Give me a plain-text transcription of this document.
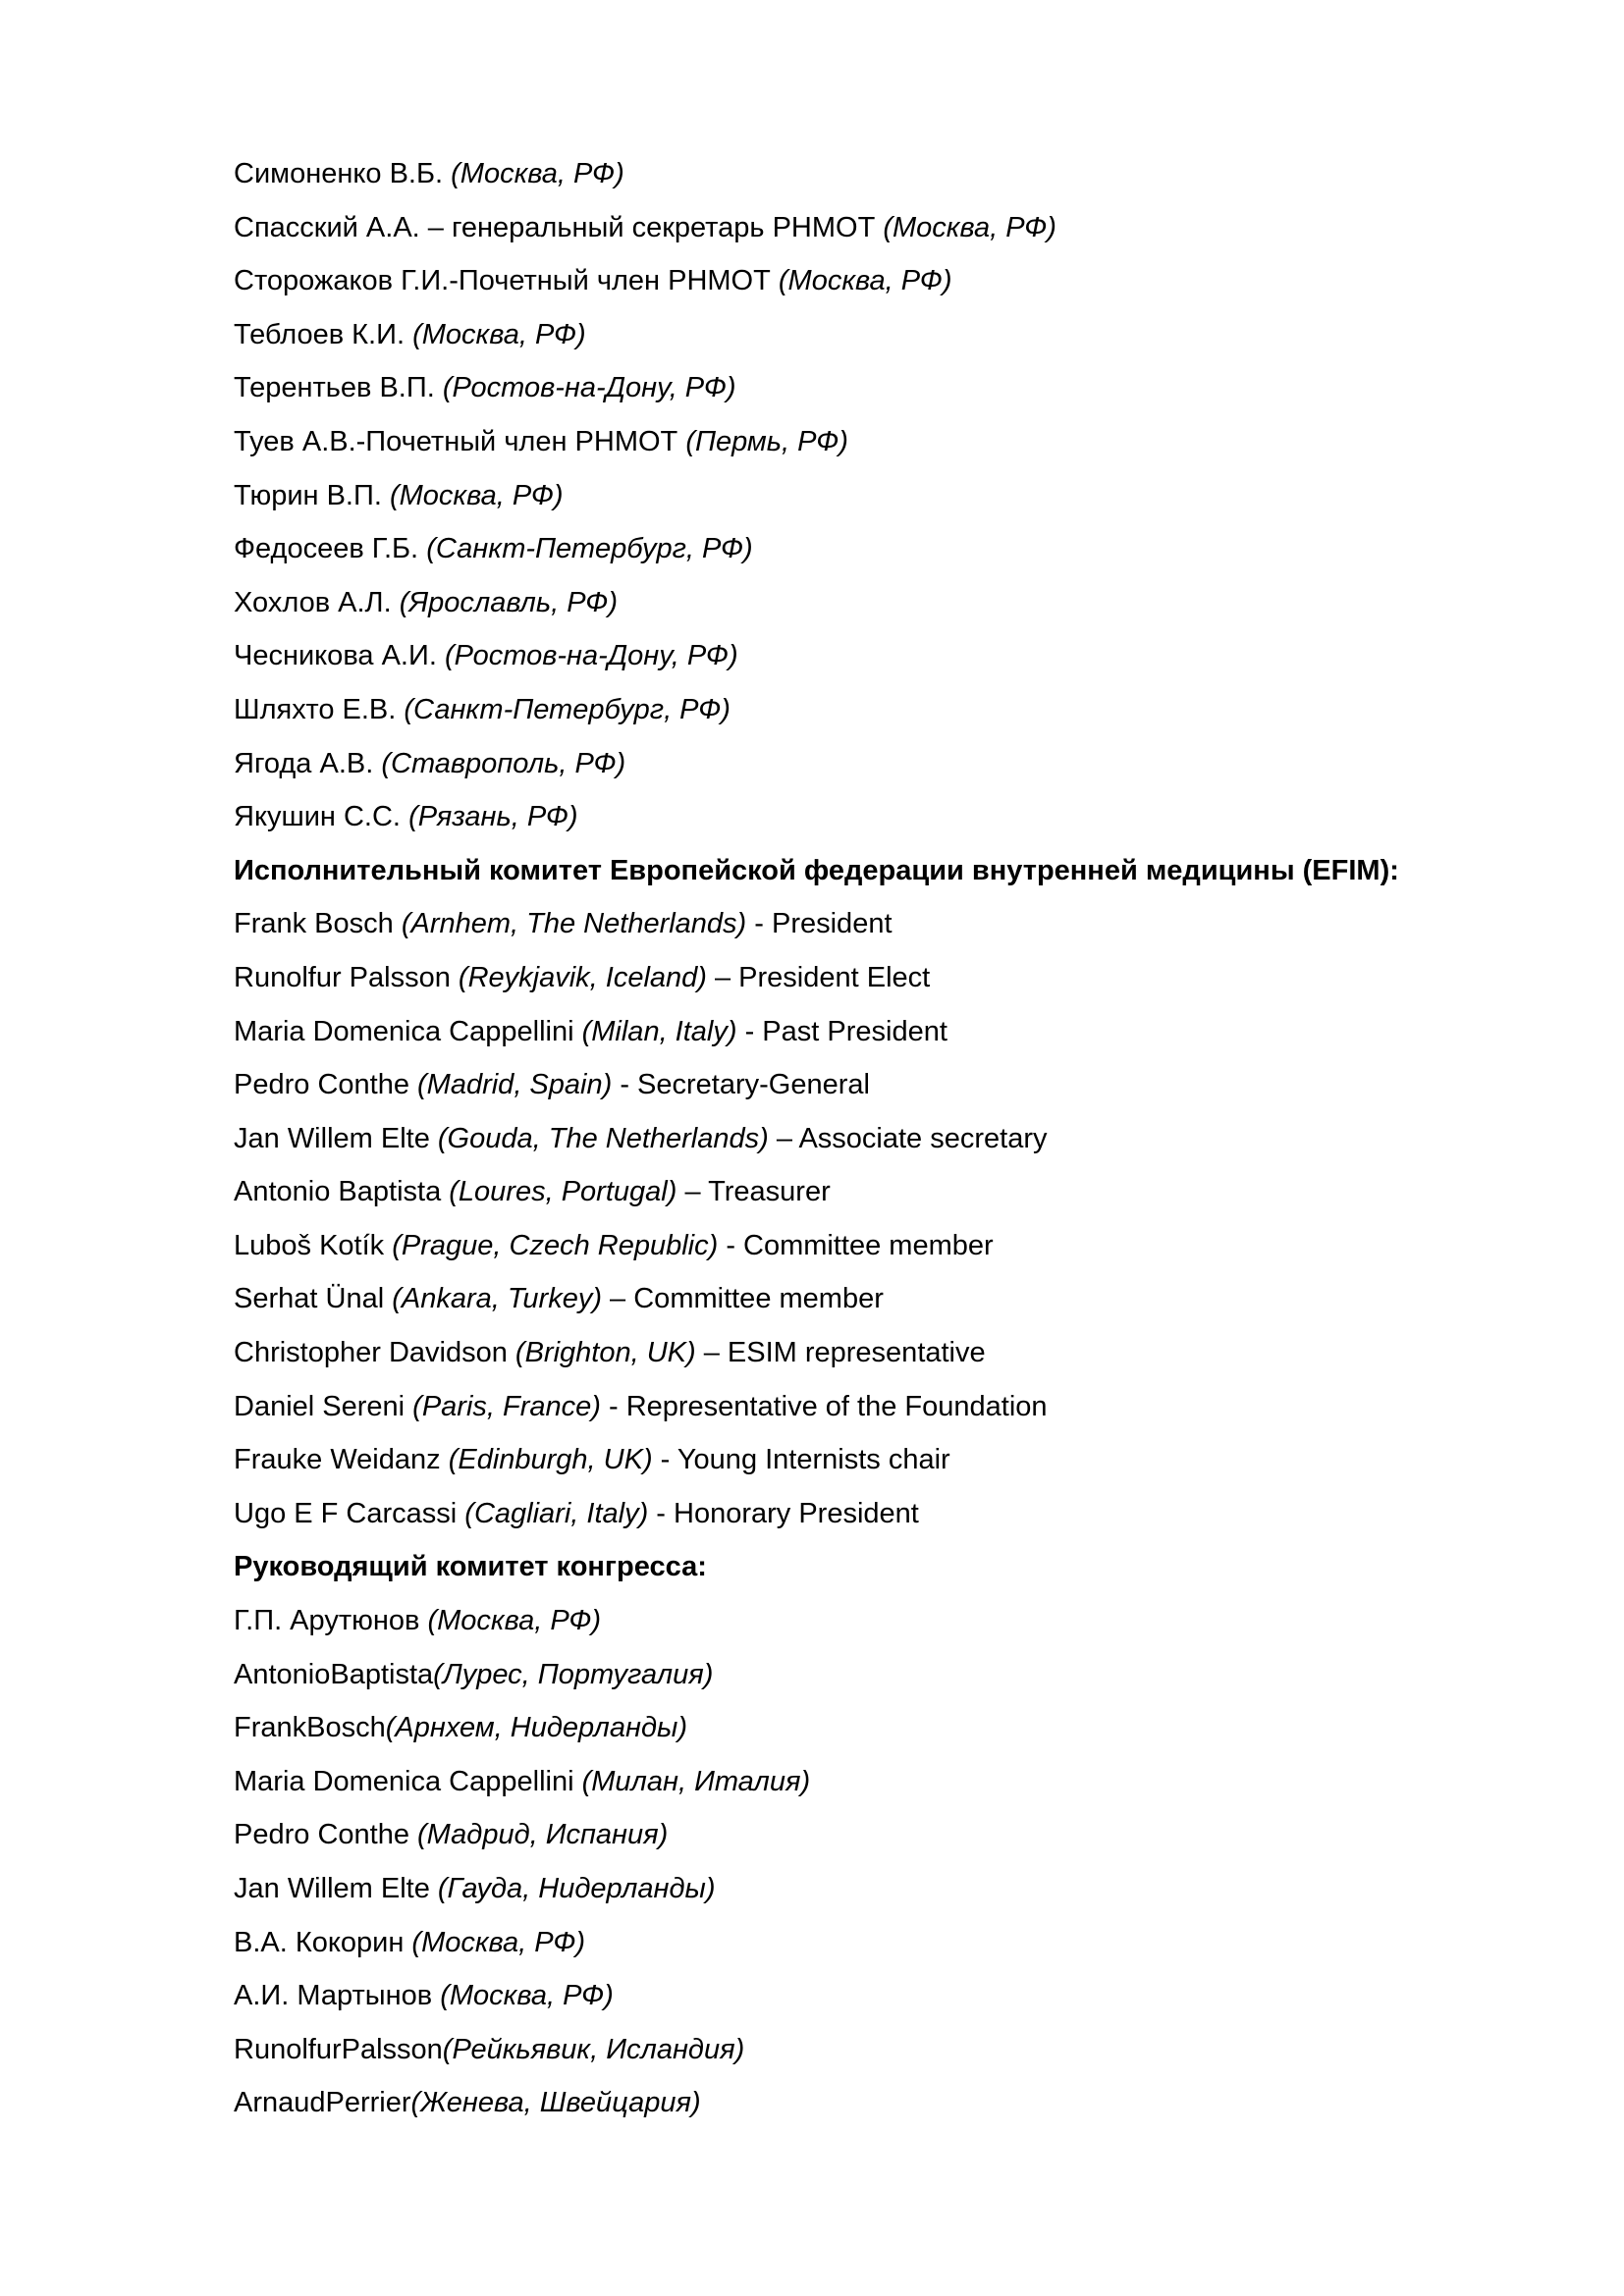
Симоненко В.Б. (Москва, РФ)
Спасский А.А. – генеральный секретарь РНМОТ (Москва, РФ)
Сторожаков Г.И.-Почетный член РНМОТ (Москва, РФ)
Теблоев К.И. (Москва, РФ)
Терентьев В.П. (Ростов-на-Дону, РФ)
Туев А.В.-Почетный член РНМОТ (Пермь, РФ)
Тюрин В.П. (Москва, РФ)
Федосеев Г.Б. (Санкт-Петербург, РФ)
Хохлов А.Л. (Ярославль, РФ)
Чесникова А.И. (Ростов-на-Дону, РФ)
Шляхто Е.В. (Санкт-Петербург, РФ)
Ягода А.В. (Ставрополь, РФ)
Якушин С.С. (Рязань, РФ)
Исполнительный комитет Европейской федерации внутренней медицины (EFIM):
Frank Bosch (Arnhem, The Netherlands) - President
Runolfur Palsson (Reykjavik, Iceland) – President Elect
Maria Domenica Cappellini (Milan, Italy) - Past President
Pedro Conthe (Madrid, Spain) - Secretary-General
Jan Willem Elte (Gouda, The Netherlands) – Associate secretary
Antonio Baptista (Loures, Portugal) – Treasurer
Luboš Kotík (Prague, Czech Republic) - Committee member
Serhat Ünal (Ankara, Turkey) – Committee member
Christopher Davidson (Brighton, UK) – ESIM representative
Daniel Sereni (Paris, France) - Representative of the Foundation
Frauke Weidanz (Edinburgh, UK) - Young Internists chair
Ugo E F Carcassi (Cagliari, Italy) - Honorary President
Руководящий комитет конгресса:
Г.П. Арутюнов (Москва, РФ)
AntonioBaptista(Лурес, Португалия)
FrankBosch(Арнхем, Нидерланды)
Maria Domenica Cappellini (Милан, Италия)
Pedro Conthe (Мадрид, Испания)
Jan Willem Elte (Гауда, Нидерланды)
В.А. Кокорин (Москва, РФ)
А.И. Мартынов (Москва, РФ)
RunolfurPalsson(Рейкьявик, Исландия)
ArnaudPerrier(Женева, Швейцария)
